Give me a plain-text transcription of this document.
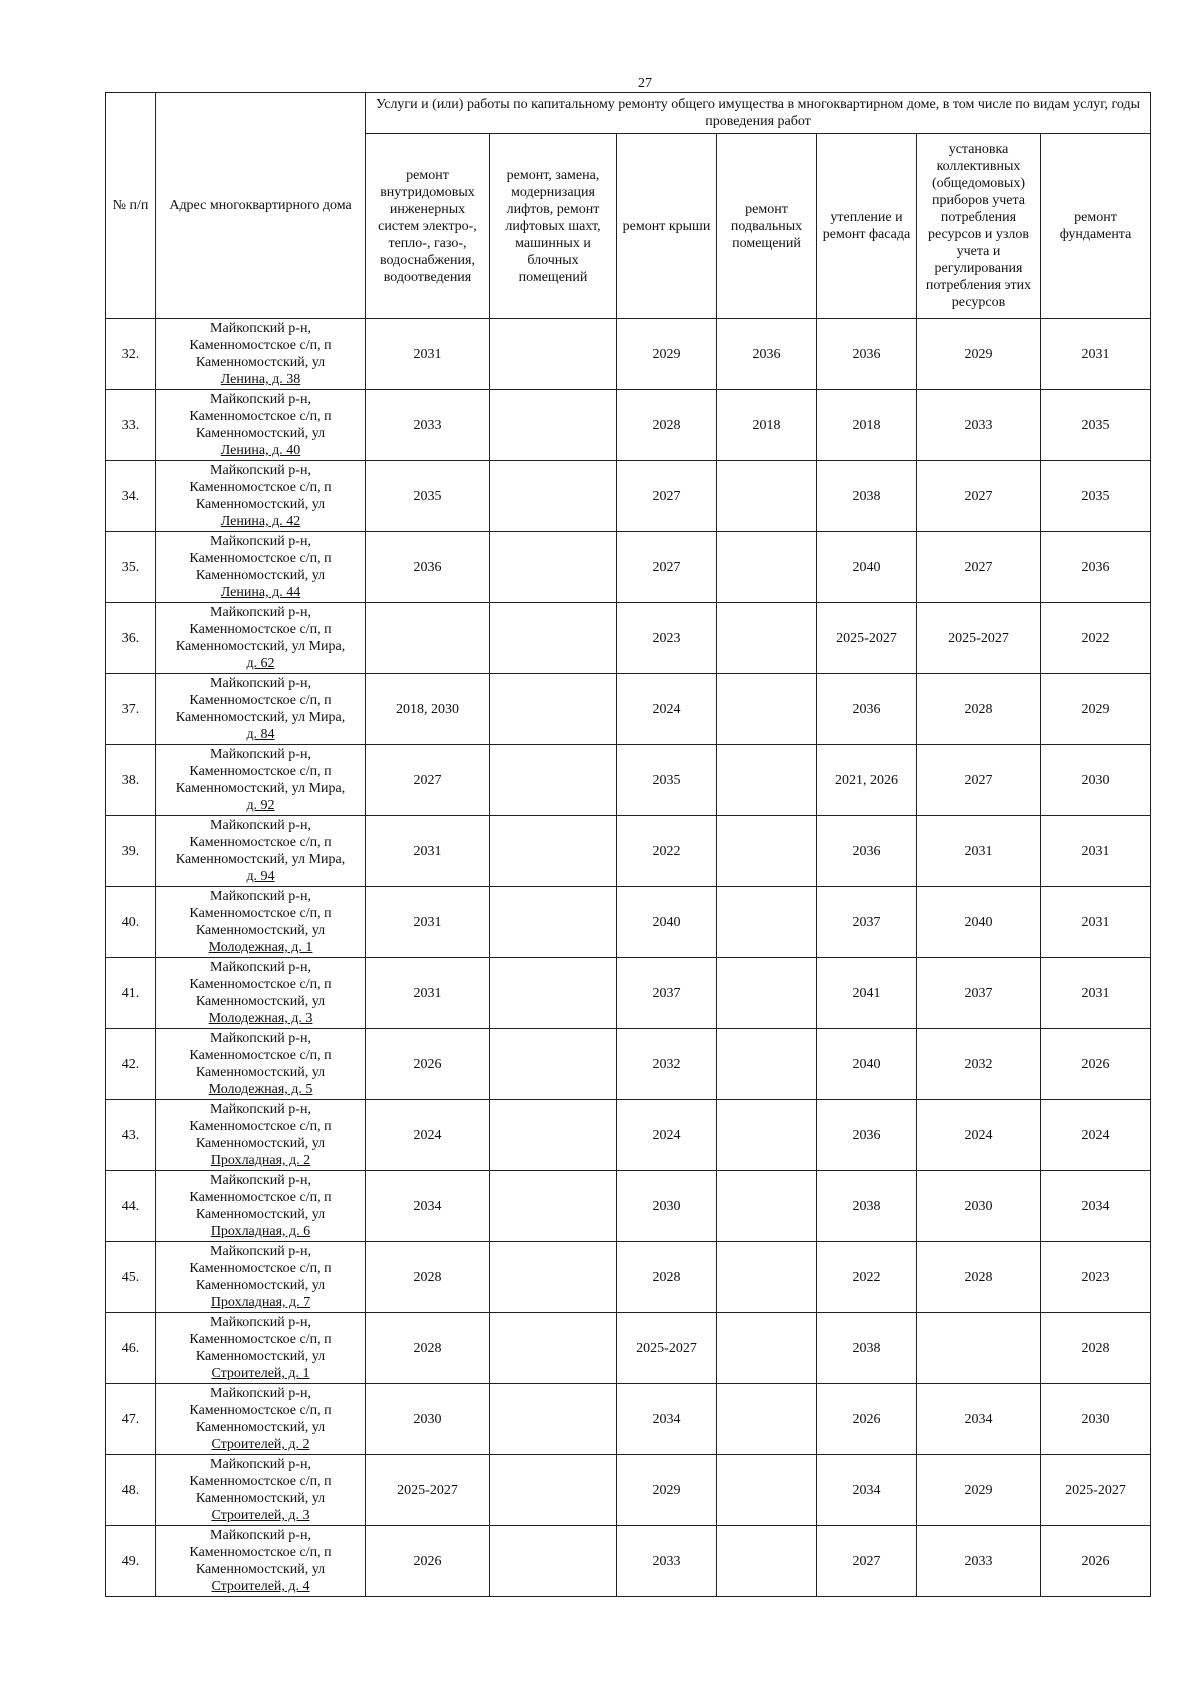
27
№ п/п	Адрес многоквартирного дома	Услуги и (или) работы по капитальному ремонту общего имущества в многоквартирном доме, в том числе по видам услуг, годы проведения работ						
		ремонт внутридомовых инженерных систем электро-, тепло-, газо-, водоснабжения, водоотведения	ремонт, замена, модернизация лифтов, ремонт лифтовых шахт, машинных и блочных помещений	ремонт крыши	ремонт подвальных помещений	утепление и ремонт фасада	установка коллективных (общедомовых) приборов учета потребления ресурсов и узлов учета и регулирования потребления этих ресурсов	ремонт фундамента
32.	Майкопский р-н,
Каменномостское с/п, п
Каменномостский, ул
Ленина, д. 38	2031		2029	2036	2036	2029	2031
33.	Майкопский р-н,
Каменномостское с/п, п
Каменномостский, ул
Ленина, д. 40	2033		2028	2018	2018	2033	2035
34.	Майкопский р-н,
Каменномостское с/п, п
Каменномостский, ул
Ленина, д. 42	2035		2027		2038	2027	2035
35.	Майкопский р-н,
Каменномостское с/п, п
Каменномостский, ул
Ленина, д. 44	2036		2027		2040	2027	2036
36.	Майкопский р-н,
Каменномостское с/п, п
Каменномостский, ул Мира,
д. 62			2023		2025-2027	2025-2027	2022
37.	Майкопский р-н,
Каменномостское с/п, п
Каменномостский, ул Мира,
д. 84	2018, 2030		2024		2036	2028	2029
38.	Майкопский р-н,
Каменномостское с/п, п
Каменномостский, ул Мира,
д. 92	2027		2035		2021, 2026	2027	2030
39.	Майкопский р-н,
Каменномостское с/п, п
Каменномостский, ул Мира,
д. 94	2031		2022		2036	2031	2031
40.	Майкопский р-н,
Каменномостское с/п, п
Каменномостский, ул
Молодежная, д. 1	2031		2040		2037	2040	2031
41.	Майкопский р-н,
Каменномостское с/п, п
Каменномостский, ул
Молодежная, д. 3	2031		2037		2041	2037	2031
42.	Майкопский р-н,
Каменномостское с/п, п
Каменномостский, ул
Молодежная, д. 5	2026		2032		2040	2032	2026
43.	Майкопский р-н,
Каменномостское с/п, п
Каменномостский, ул
Прохладная, д. 2	2024		2024		2036	2024	2024
44.	Майкопский р-н,
Каменномостское с/п, п
Каменномостский, ул
Прохладная, д. 6	2034		2030		2038	2030	2034
45.	Майкопский р-н,
Каменномостское с/п, п
Каменномостский, ул
Прохладная, д. 7	2028		2028		2022	2028	2023
46.	Майкопский р-н,
Каменномостское с/п, п
Каменномостский, ул
Строителей, д. 1	2028		2025-2027		2038		2028
47.	Майкопский р-н,
Каменномостское с/п, п
Каменномостский, ул
Строителей, д. 2	2030		2034		2026	2034	2030
48.	Майкопский р-н,
Каменномостское с/п, п
Каменномостский, ул
Строителей, д. 3	2025-2027		2029		2034	2029	2025-2027
49.	Майкопский р-н,
Каменномостское с/п, п
Каменномостский, ул
Строителей, д. 4	2026		2033		2027	2033	2026
